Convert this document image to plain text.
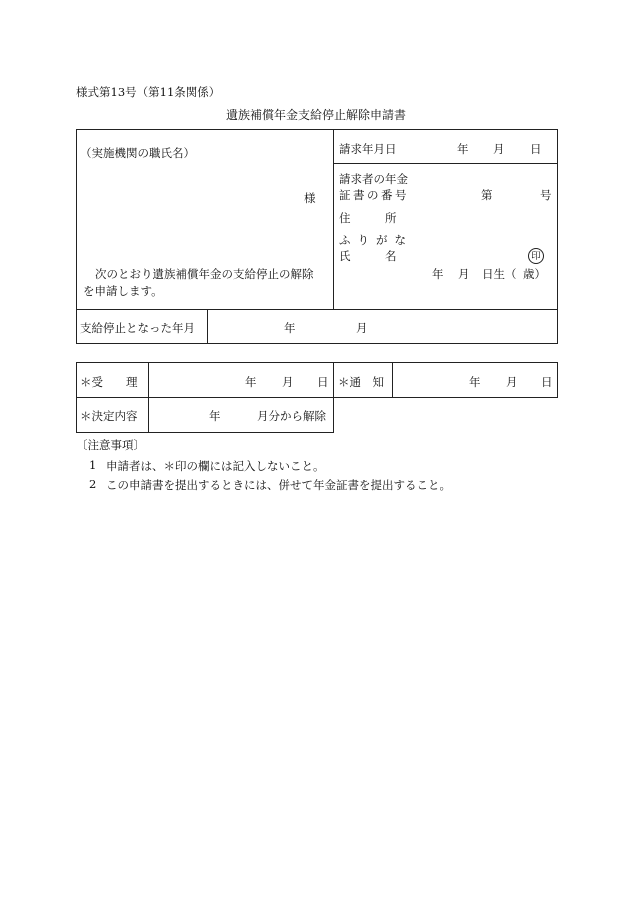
様式第13号（第11条関係）
遺族補償年金支給停止解除申請書
（実施機関の職氏名）
様
次のとおり遺族補償年金の支給停止の解除
を申請します。
請求年月日	年 月 日
請求者の年金
証書の番号	第	号
住　　　所
ふりがな
氏　　　名	印
年 月 日生（ 歳）
支給停止となった年月	年	月
＊受　　理	年 月 日 ＊通　知	年 月 日
＊決定内容	年	月分から解除
〔注意事項〕
1 申請者は、＊印の欄には記入しないこと。
2 この申請書を提出するときには、併せて年金証書を提出すること。
